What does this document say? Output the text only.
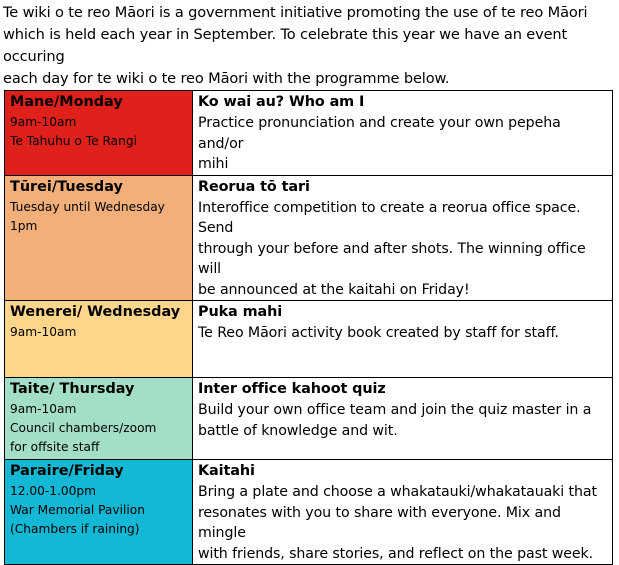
Te wiki o te reo Māori is a government initiative promoting the use of te reo Māori
which is held each year in September. To celebrate this year we have an event occuring
each day for te wiki o te reo Māori with the programme below.
Mane/Monday
9am-10am
Te Tahuhu o Te Rangi	Ko wai au? Who am I
Practice pronunciation and create your own pepeha and/or
mihi

Tūrei/Tuesday
Tuesday until Wednesday
1pm	Reorua tō tari
Interoffice competition to create a reorua office space. Send
through your before and after shots. The winning office will
be announced at the kaitahi on Friday!

Wenerei/ Wednesday
9am-10am	Puka mahi
Te Reo Māori activity book created by staff for staff.

Taite/ Thursday
9am-10am
Council chambers/zoom
for offsite staff	Inter office kahoot quiz
Build your own office team and join the quiz master in a
battle of knowledge and wit.

Paraire/Friday
12.00-1.00pm
War Memorial Pavilion
(Chambers if raining)	Kaitahi
Bring a plate and choose a whakatauki/whakatauaki that
resonates with you to share with everyone. Mix and mingle
with friends, share stories, and reflect on the past week.
